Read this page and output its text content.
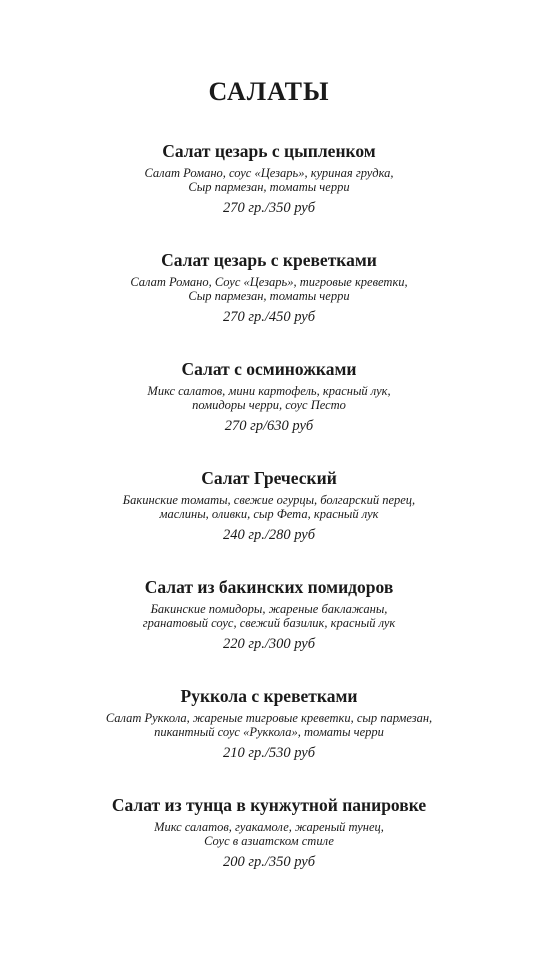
САЛАТЫ

Салат цезарь с цыпленком

Салат Романо, соус «Цезарь», куриная грудка,
Сыр пармезан, томаты черри

270 гр./350 руб

Салат цезарь с креветками

Салат Романо, Соус «Цезарь», тигровые креветки,
Сыр пармезан, томаты черри

270 гр./450 руб

Салат с осминожками

Микс салатов, мини картофель, красный лук,
помидоры черри, соус Песто

270 гр/630 руб

Салат Греческий

Бакинские томаты, свежие огурцы, болгарский перец,
маслины, оливки, сыр Фета, красный лук

240 гр./280 руб

Салат из бакинских помидоров

Бакинские помидоры, жареные баклажаны,
гранатовый соус, свежий базилик, красный лук

220 гр./300 руб

Руккола с креветками

Салат Руккола, жареные тигровые креветки, сыр пармезан,
пикантный соус «Руккола», томаты черри

210 гр./530 руб

Салат из тунца в кунжутной панировке

Микс салатов, гуакамоле, жареный тунец,
Соус в азиатском стиле

200 гр./350 руб
